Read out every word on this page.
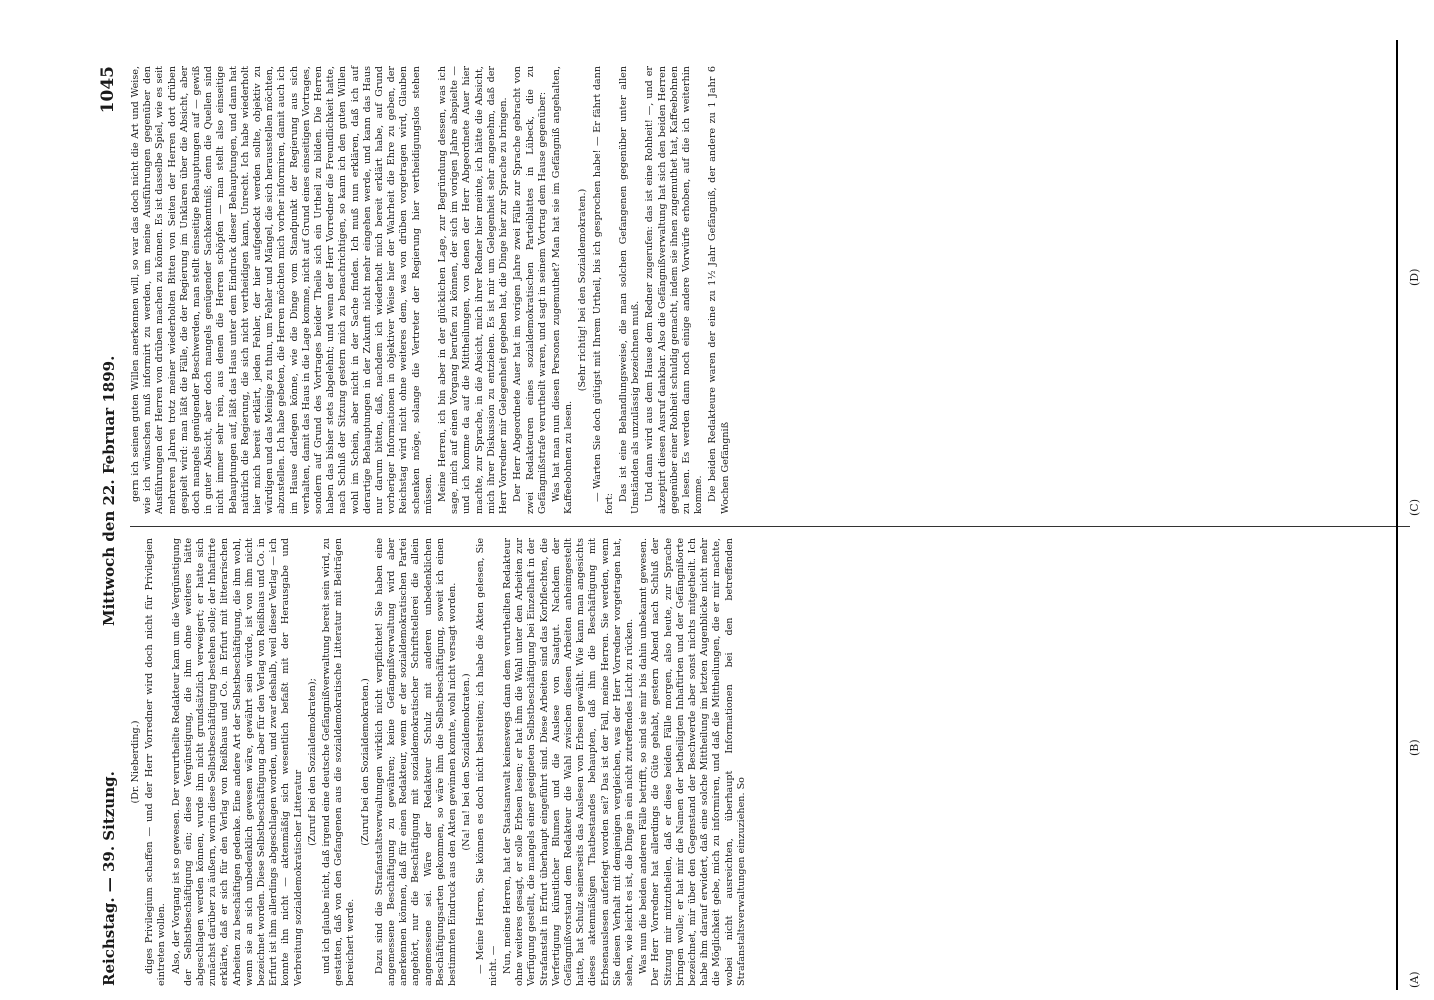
Reichstag. — 39. Sitzung.
Mittwoch den 22. Februar 1899.
1045

(Dr. Nieberding.) diges Privilegium schaffen — und der Herr Vorredner wird doch nicht für Privilegien eintreten wollen. Also, der Vorgang ist so gewesen. Der verurtheilte Redakteur kam um die Vergünstigung der Selbstbeschäftigung ein; diese Vergünstigung, die ihm ohne weiteres hätte abgeschlagen werden können, wurde ihm nicht grundsätzlich verweigert; er hatte sich zunächst darüber zu äußern, worin diese Selbstbeschäftigung bestehen solle; der Inhaftirte erklärte, daß er sich für den Verlag von Reißhaus und Co. in Erfurt mit litterarischen Arbeiten zu beschäftigen gedenke. Eine andere Art der Selbstbeschäftigung, die ihm wohl, wenn sie an sich unbedenklich gewesen wäre, gewährt sein würde, ist von ihm nicht bezeichnet worden. Diese Selbstbeschäftigung aber für den Verlag von Reißhaus und Co. in Erfurt ist ihm allerdings abgeschlagen worden, und zwar deshalb, weil dieser Verlag — ich konnte ihn nicht — aktenmäßig sich wesentlich befaßt mit der Herausgabe und Verbreitung sozialdemokratischer Litteratur

(Zuruf bei den Sozialdemokraten); und ich glaube nicht, daß irgend eine deutsche Gefängnißverwaltung bereit sein wird, zu gestatten, daß von den Gefangenen aus die sozialdemokratische Litteratur mit Beiträgen bereichert werde.

(Zuruf bei den Sozialdemokraten.) Dazu sind die Strafanstaltsverwaltungen wirklich nicht verpflichtet! Sie haben eine angemessene Beschäftigung zu gewähren; keine Gefängnißverwaltung wird aber anerkennen können, daß für einen Redakteur, wenn er der sozialdemokratischen Partei angehört, nur die Beschäftigung mit sozialdemokratischer Schriftstellerei die allein angemessene sei. Wäre der Redakteur Schulz mit anderen unbedenklichen Beschäftigungsarten gekommen, so wäre ihm die Selbstbeschäftigung, soweit ich einen bestimmten Eindruck aus den Akten gewinnen konnte, wohl nicht versagt worden. (Na! na! bei den Sozialdemokraten.) — Meine Herren, Sie können es doch nicht bestreiten; ich habe die Akten gelesen, Sie nicht. — Nun, meine Herren, hat der Staatsanwalt keineswegs dann dem verurtheilten Redakteur ohne weiteres gesagt, er solle Erbsen lesen; er hat ihm die Wahl unter den Arbeiten zur Verfügung gestellt, die mangels einer geeigneten Selbstbeschäftigung bei Einzelhaft in der Strafanstalt in Erfurt überhaupt eingeführt sind. Diese Arbeiten sind das Korbflechten, die Verfertigung künstlicher Blumen und die Auslese von Saatgut. Nachdem der Gefängnißvorstand dem Redakteur die Wahl zwischen diesen Arbeiten anheimgestellt hatte, hat Schulz seinerseits das Auslesen von Erbsen gewählt. Wie kann man angesichts dieses aktenmäßigen Thatbestandes behaupten, daß ihm die Beschäftigung mit Erbsenauslesen auferlegt worden sei? Das ist der Fall, meine Herren. Sie werden, wenn Sie diesen Verhalt mit demjenigen vergleichen, was der Herr Vorredner vorgetragen hat, sehen, wie leicht es ist, die Dinge in ein nicht zutreffendes Licht zu rücken. Was nun die beiden anderen Fälle betrifft, so sind sie mir bis dahin unbekannt gewesen. Der Herr Vorredner hat allerdings die Güte gehabt, gestern Abend nach Schluß der Sitzung mir mitzutheilen, daß er diese beiden Fälle morgen, also heute, zur Sprache bringen wolle; er hat mir die Namen der betheiligten Inhaftirten und der Gefängnißorte bezeichnet, mir über den Gegenstand der Beschwerde aber sonst nichts mitgetheilt. Ich habe ihm darauf erwidert, daß eine solche Mittheilung im letzten Augenblicke nicht mehr die Möglichkeit gebe, mich zu informiren, und daß die Mittheilungen, die er mir machte, wobei nicht ausreichten, überhaupt Informationen bei den betreffenden Strafanstaltsverwaltungen einzuziehen. So

gern ich seinen guten Willen anerkennen will, so war das doch nicht die Art und Weise, wie ich wünschen muß informirt zu werden, um meine Ausführungen gegenüber den Ausführungen der Herren von drüben machen zu können. Es ist dasselbe Spiel, wie es seit mehreren Jahren trotz meiner wiederholten Bitten von Seiten der Herren dort drüben gespielt wird: man läßt die Fälle, die der Regierung im Unklaren über die Absicht, aber doch mangels genügender Beschwerden, man stellt einseitige Behauptungen auf — gewiß in guter Absicht, aber doch mangels genügender Sachkenntniß; denn die Quellen sind nicht immer sehr rein, aus denen die Herren schöpfen — man stellt also einseitige Behauptungen auf, läßt das Haus unter dem Eindruck dieser Behauptungen, und dann hat natürlich die Regierung, die sich nicht vertheidigen kann, Unrecht. Ich habe wiederholt hier mich bereit erklärt, jeden Fehler, der hier aufgedeckt werden sollte, objektiv zu würdigen und das Meinige zu thun, um Fehler und Mängel, die sich herausstellen möchten, abzustellen. Ich habe gebeten, die Herren möchten mich vorher informiren, damit auch ich im Hause darlegen könne, wie die Dinge vom Standpunkt der Regierung aus sich verhalten, damit das Haus in die Lage komme, nicht auf Grund eines einseitigen Vortrages, sondern auf Grund des Vortrages beider Theile sich ein Urtheil zu bilden. Die Herren haben das bisher stets abgelehnt; und wenn der Herr Vorredner die Freundlichkeit hatte, nach Schluß der Sitzung gestern mich zu benachrichtigen, so kann ich den guten Willen wohl im Schein, aber nicht in der Sache finden. Ich muß nun erklären, daß ich auf derartige Behauptungen in der Zukunft nicht mehr eingehen werde, und kann das Haus nur darum bitten, daß, nachdem ich wiederholt mich bereit erklärt habe, auf Grund vorheriger Informationen in objektiver Weise hier der Wahrheit die Ehre zu geben, der Reichstag wird nicht ohne weiteres dem, was von drüben vorgetragen wird, Glauben schenken möge, solange die Vertreter der Regierung hier vertheidigungslos stehen müssen. Meine Herren, ich bin aber in der glücklichen Lage, zur Begründung dessen, was ich sage, mich auf einen Vorgang berufen zu können, der sich im vorigen Jahre abspielte — und ich komme da auf die Mittheilungen, von denen der Herr Abgeordnete Auer hier machte, zur Sprache, in die Absicht, mich ihrer Redner hier meinte, ich hätte die Absicht, mich ihrer Diskussion zu entziehen. Es ist mir um Gelegenheit sehr angenehm, daß der Herr Vorredner mir Gelegenheit gegeben hat, die Dinge hier zur Sprache zu bringen. Der Herr Abgeordnete Auer hat im vorigen Jahre zwei Fälle zur Sprache gebracht von zwei Redakteuren eines sozialdemokratischen Parteiblattes in Lübeck, die zu Gefängnißstrafe verurtheilt waren, und sagt in seinem Vortrag dem Hause gegenüber: Was hat man nun diesen Personen zugemuthet? Man hat sie im Gefängniß angehalten, Kaffeebohnen zu lesen.

(Sehr richtig! bei den Sozialdemokraten.) — Warten Sie doch gütigst mit Ihrem Urtheil, bis ich gesprochen habe! — Er fährt dann fort:

Das ist eine Behandlungsweise, die man solchen Gefangenen gegenüber unter allen Umständen als unzulässig bezeichnen muß. Und dann wird aus dem Hause dem Redner zugerufen: das ist eine Rohheit! —, und er akzeptirt diesen Ausruf dankbar. Also die Gefängnißverwaltung hat sich den beiden Herren gegenüber einer Rohheit schuldig gemacht, indem sie ihnen zugemuthet hat, Kaffeebohnen zu lesen. Es werden dann noch einige andere Vorwürfe erhoben, auf die ich weiterhin komme. Die beiden Redakteure waren der eine zu 1½ Jahr Gefängniß, der andere zu 1 Jahr 6 Wochen Gefängniß

(A)
(B)
(C)
(D)
